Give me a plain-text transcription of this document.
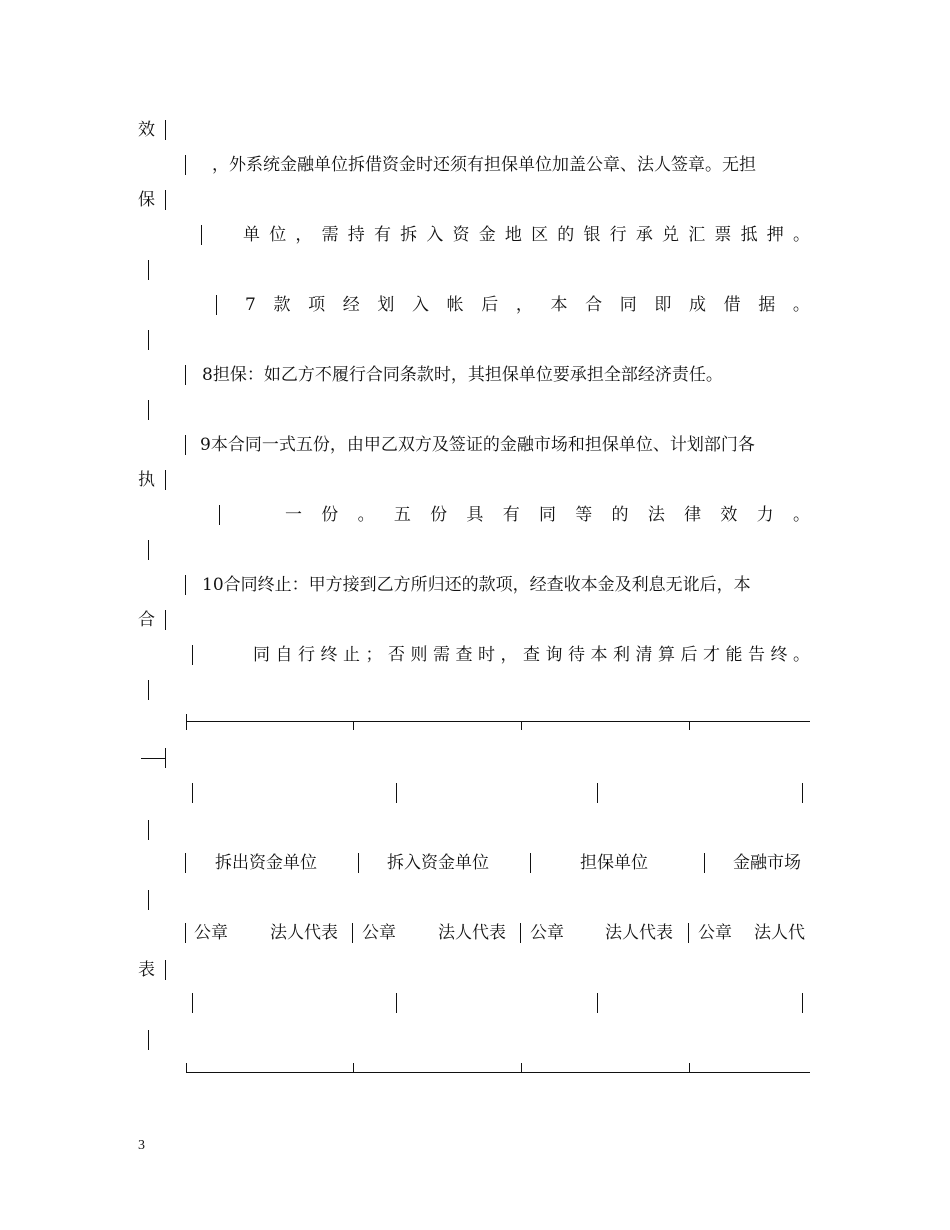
效
，外系统金融单位拆借资金时还须有担保单位加盖公章、法人签章。无担
保
单 位 ， 需 持 有 拆 入 资 金 地 区 的 银 行 承 兑 汇 票 抵 押 。
7 款 项 经 划 入 帐 后 ， 本 合 同 即 成 借 据 。
8担保：如乙方不履行合同条款时，其担保单位要承担全部经济责任。
9本合同一式五份，由甲乙双方及签证的金融市场和担保单位、计划部门各
执
一 份 。 五 份 具 有 同 等 的 法 律 效 力 。
10合同终止：甲方接到乙方所归还的款项，经查收本金及利息无讹后，本
合
同 自 行 终 止 ； 否 则 需 查 时 ， 查 询 待 本 利 清 算 后 才 能 告 终 。
拆出资金单位	拆入资金单位	担保单位	金融市场
公章 法人代表 公章 法人代表 公章 法人代表 公章 法人代
表
3
